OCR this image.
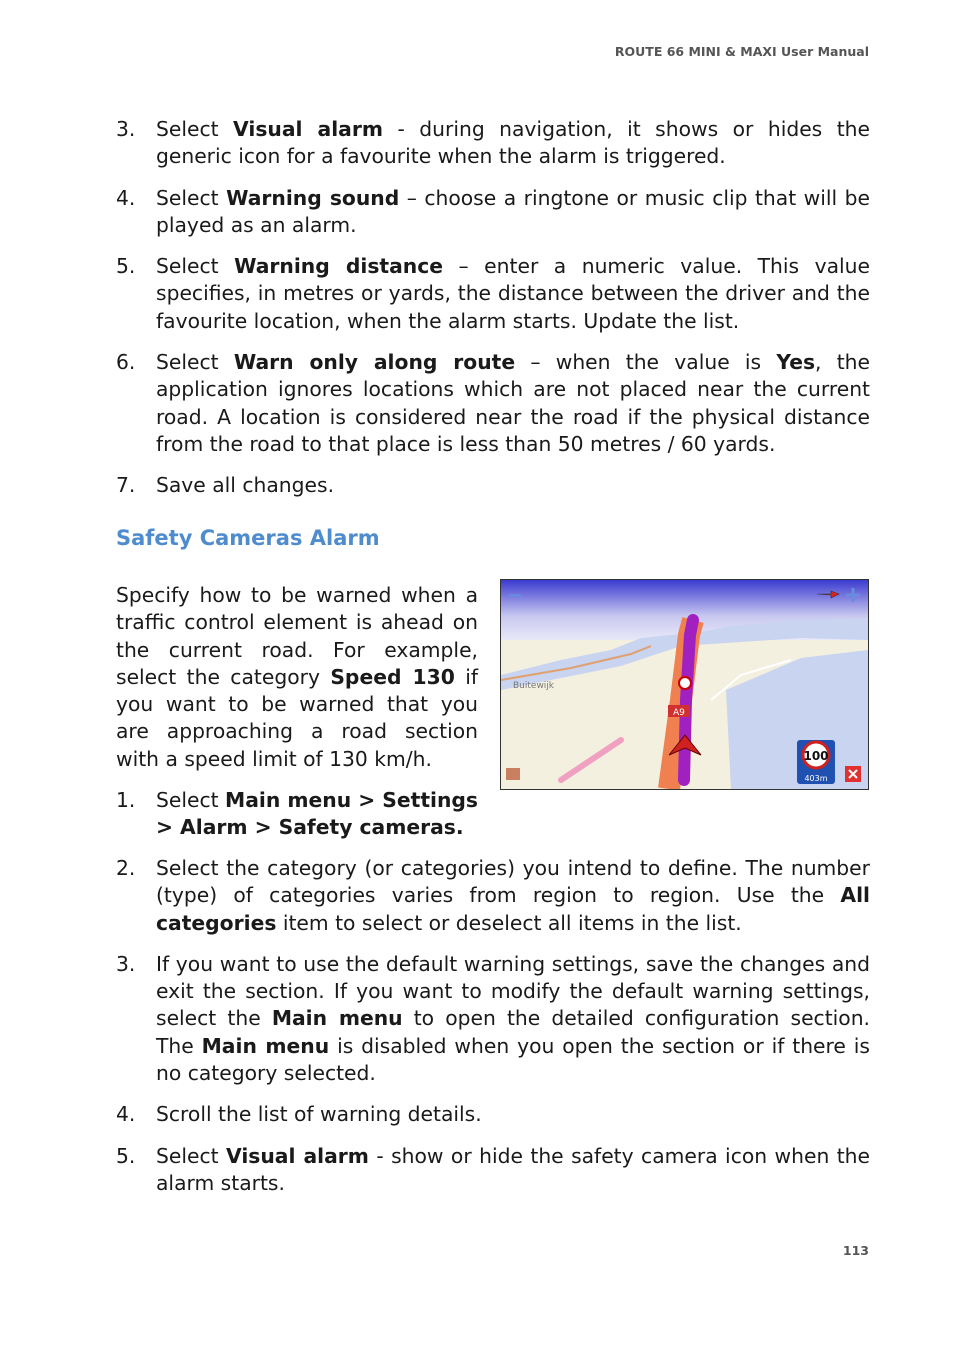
ROUTE 66 MINI & MAXI User Manual
3. Select Visual alarm - during navigation, it shows or hides the generic icon for a favourite when the alarm is triggered.
4. Select Warning sound – choose a ringtone or music clip that will be played as an alarm.
5. Select Warning distance – enter a numeric value. This value specifies, in metres or yards, the distance between the driver and the favourite location, when the alarm starts. Update the list.
6. Select Warn only along route – when the value is Yes, the application ignores locations which are not placed near the current road. A location is considered near the road if the physical distance from the road to that place is less than 50 metres / 60 yards.
7. Save all changes.
Safety Cameras Alarm

Specify how to be warned when a traffic control element is ahead on the current road. For example, select the category Speed 130 if you want to be warned that you are approaching a road section with a speed limit of 130 km/h.

Buitewijk
A9
100
403m
1. Select Main menu > Settings > Alarm > Safety cameras.
2. Select the category (or categories) you intend to define. The number (type) of categories varies from region to region. Use the All categories item to select or deselect all items in the list.
3. If you want to use the default warning settings, save the changes and exit the section. If you want to modify the default warning settings, select the Main menu to open the detailed configuration section. The Main menu is disabled when you open the section or if there is no category selected.
4. Scroll the list of warning details.
5. Select Visual alarm - show or hide the safety camera icon when the alarm starts.
113
